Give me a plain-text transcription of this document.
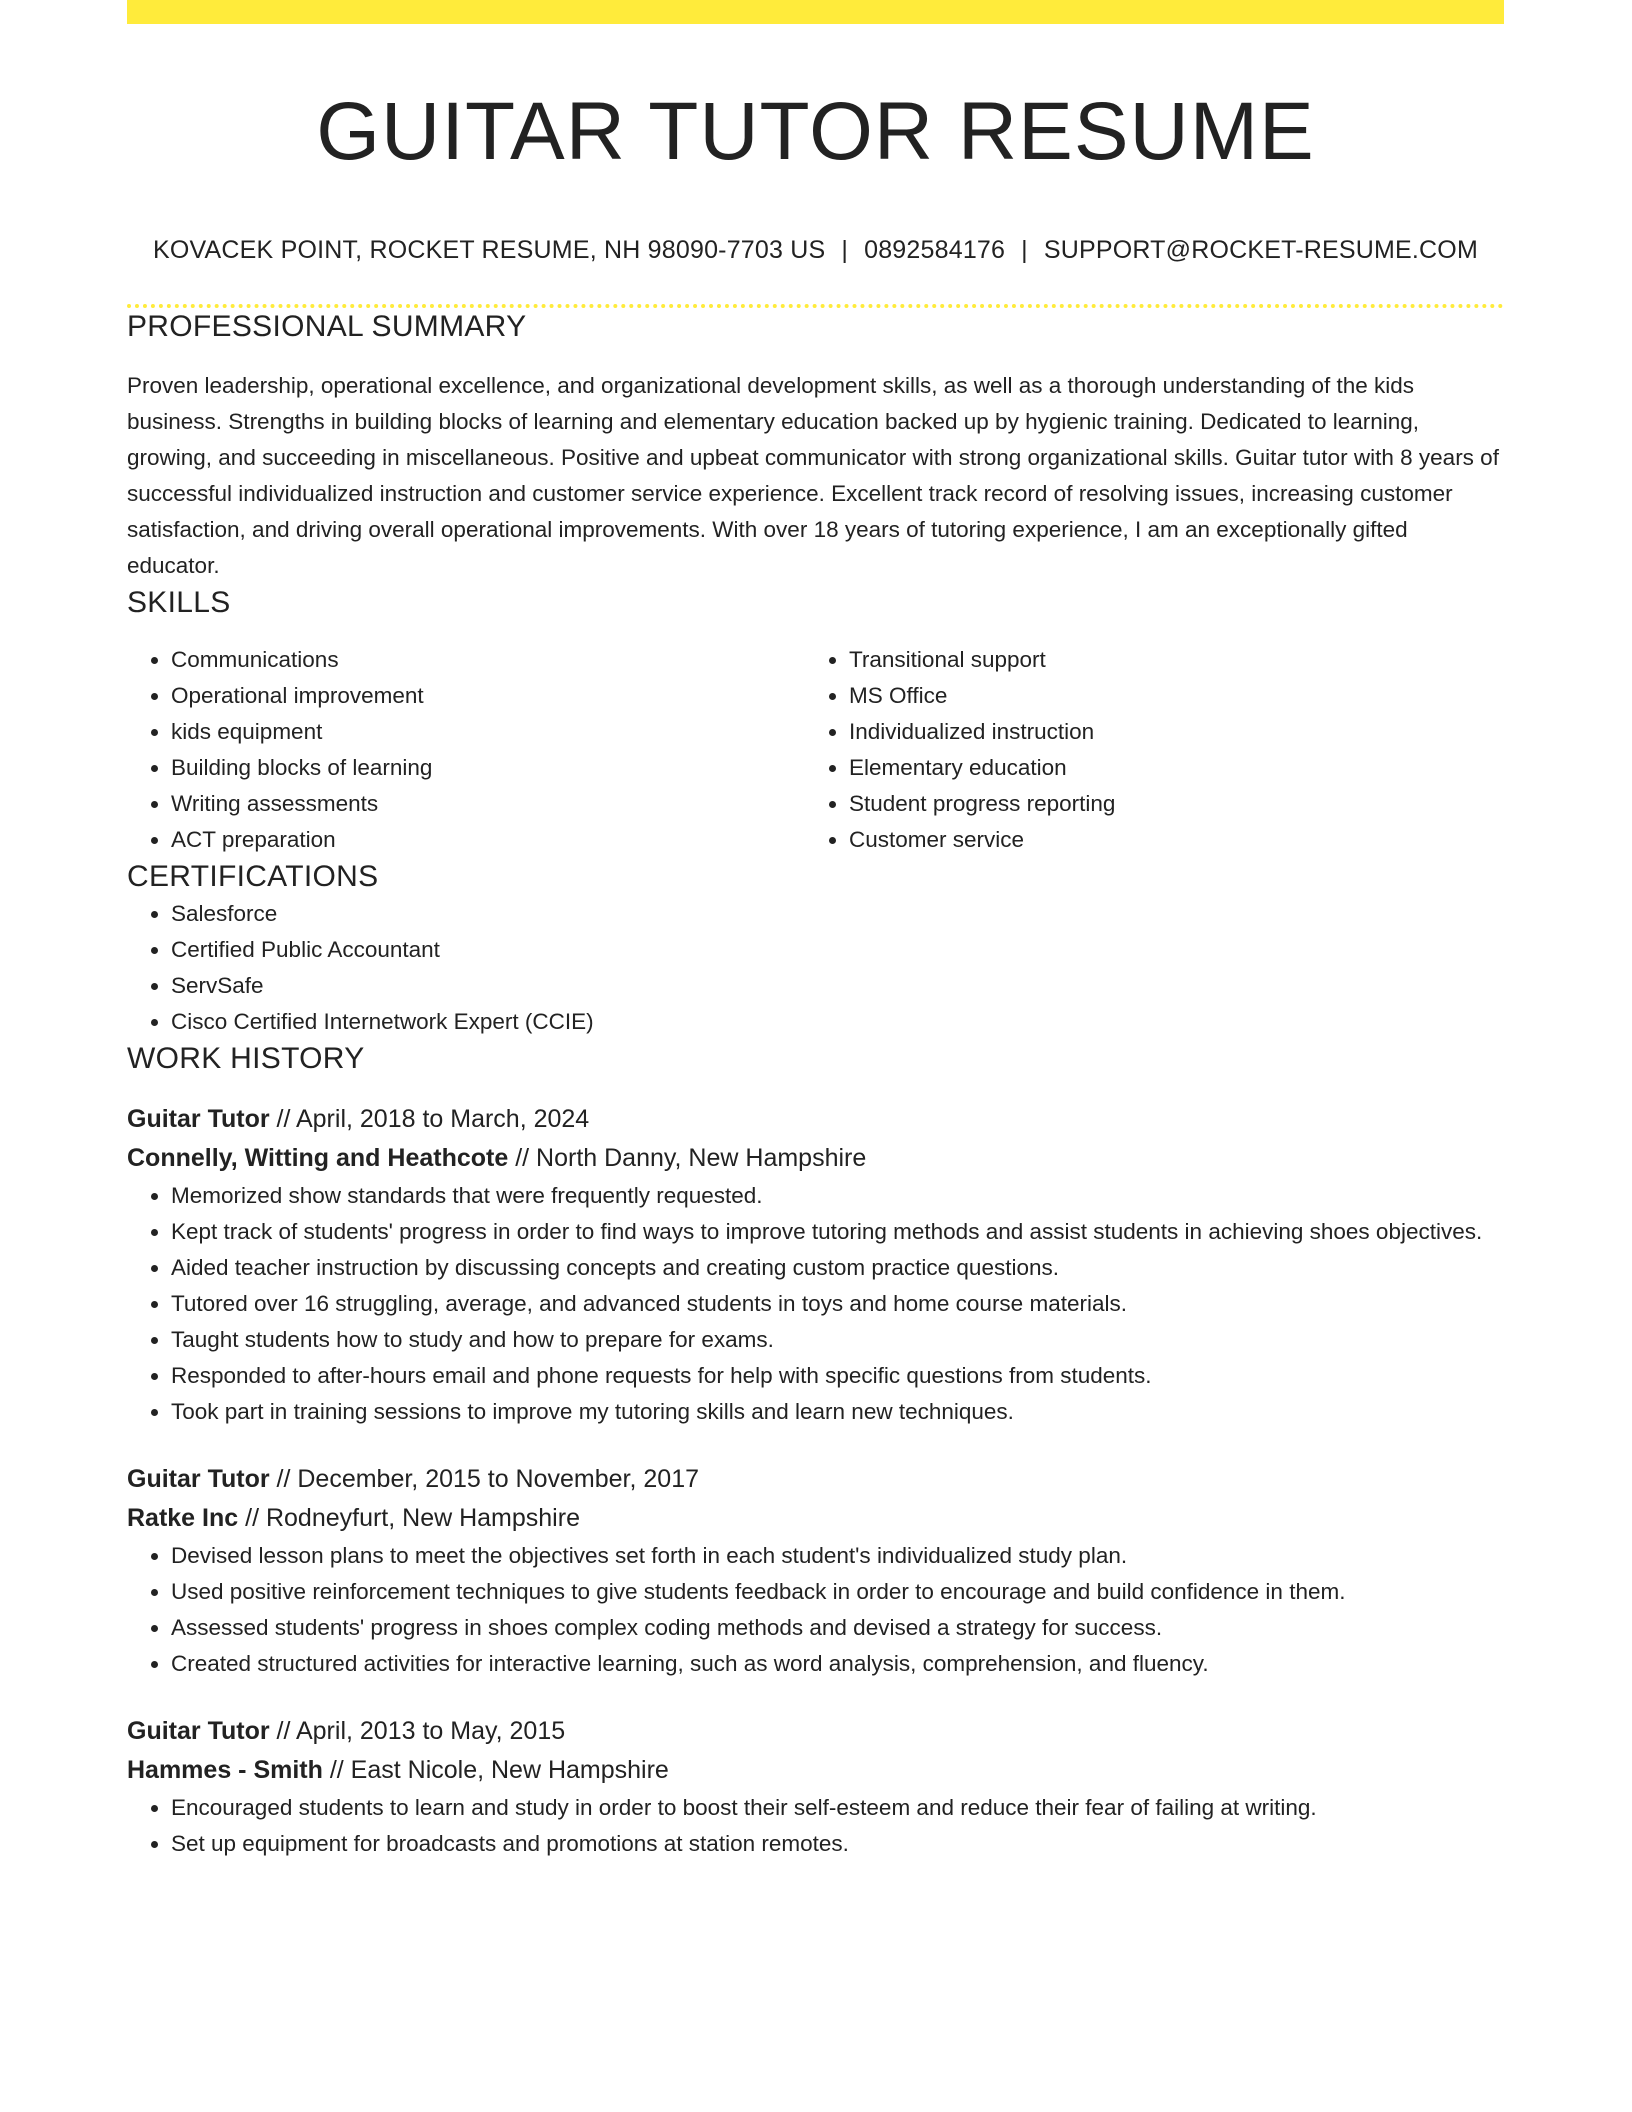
GUITAR TUTOR RESUME
KOVACEK POINT, ROCKET RESUME, NH 98090-7703 US | 0892584176 | SUPPORT@ROCKET-RESUME.COM
PROFESSIONAL SUMMARY
Proven leadership, operational excellence, and organizational development skills, as well as a thorough understanding of the kids business. Strengths in building blocks of learning and elementary education backed up by hygienic training. Dedicated to learning, growing, and succeeding in miscellaneous. Positive and upbeat communicator with strong organizational skills. Guitar tutor with 8 years of successful individualized instruction and customer service experience. Excellent track record of resolving issues, increasing customer satisfaction, and driving overall operational improvements. With over 18 years of tutoring experience, I am an exceptionally gifted educator.
SKILLS
• Communications
• Operational improvement
• kids equipment
• Building blocks of learning
• Writing assessments
• ACT preparation
• Transitional support
• MS Office
• Individualized instruction
• Elementary education
• Student progress reporting
• Customer service
CERTIFICATIONS
• Salesforce
• Certified Public Accountant
• ServSafe
• Cisco Certified Internetwork Expert (CCIE)
WORK HISTORY
Guitar Tutor // April, 2018 to March, 2024
Connelly, Witting and Heathcote // North Danny, New Hampshire
• Memorized show standards that were frequently requested.
• Kept track of students' progress in order to find ways to improve tutoring methods and assist students in achieving shoes objectives.
• Aided teacher instruction by discussing concepts and creating custom practice questions.
• Tutored over 16 struggling, average, and advanced students in toys and home course materials.
• Taught students how to study and how to prepare for exams.
• Responded to after-hours email and phone requests for help with specific questions from students.
• Took part in training sessions to improve my tutoring skills and learn new techniques.
Guitar Tutor // December, 2015 to November, 2017
Ratke Inc // Rodneyfurt, New Hampshire
• Devised lesson plans to meet the objectives set forth in each student's individualized study plan.
• Used positive reinforcement techniques to give students feedback in order to encourage and build confidence in them.
• Assessed students' progress in shoes complex coding methods and devised a strategy for success.
• Created structured activities for interactive learning, such as word analysis, comprehension, and fluency.
Guitar Tutor // April, 2013 to May, 2015
Hammes - Smith // East Nicole, New Hampshire
• Encouraged students to learn and study in order to boost their self-esteem and reduce their fear of failing at writing.
• Set up equipment for broadcasts and promotions at station remotes.
